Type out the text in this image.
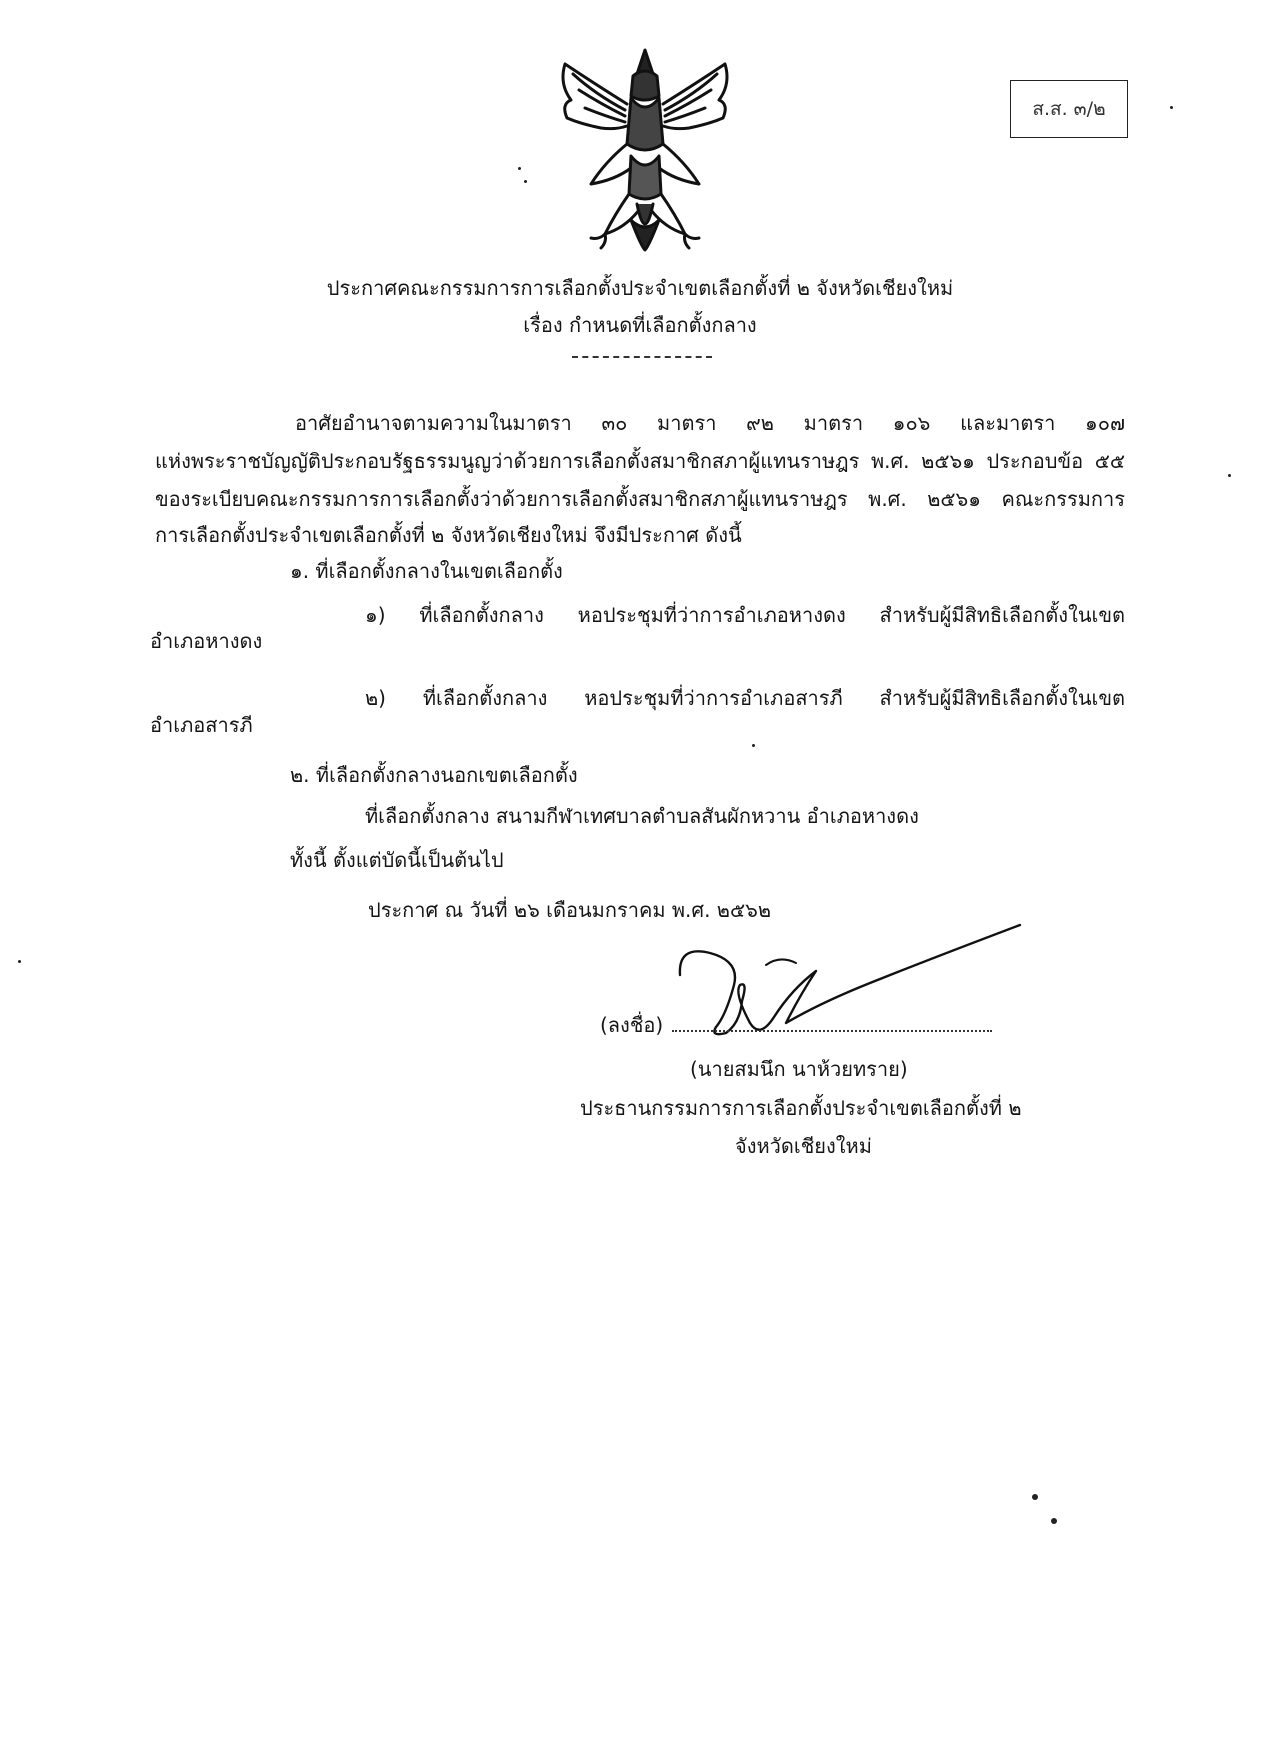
ส.ส. ๓/๒
ประกาศคณะกรรมการการเลือกตั้งประจำเขตเลือกตั้งที่ ๒ จังหวัดเชียงใหม่
เรื่อง กำหนดที่เลือกตั้งกลาง
อาศัยอำนาจตามความในมาตรา ๓๐ มาตรา ๙๒ มาตรา ๑๐๖ และมาตรา ๑๐๗
แห่งพระราชบัญญัติประกอบรัฐธรรมนูญว่าด้วยการเลือกตั้งสมาชิกสภาผู้แทนราษฎร พ.ศ. ๒๕๖๑ ประกอบข้อ ๕๕
ของระเบียบคณะกรรมการการเลือกตั้งว่าด้วยการเลือกตั้งสมาชิกสภาผู้แทนราษฎร พ.ศ. ๒๕๖๑ คณะกรรมการ
การเลือกตั้งประจำเขตเลือกตั้งที่ ๒ จังหวัดเชียงใหม่ จึงมีประกาศ ดังนี้
๑. ที่เลือกตั้งกลางในเขตเลือกตั้ง
๑) ที่เลือกตั้งกลาง หอประชุมที่ว่าการอำเภอหางดง สำหรับผู้มีสิทธิเลือกตั้งในเขต
อำเภอหางดง
๒) ที่เลือกตั้งกลาง หอประชุมที่ว่าการอำเภอสารภี สำหรับผู้มีสิทธิเลือกตั้งในเขต
อำเภอสารภี
๒. ที่เลือกตั้งกลางนอกเขตเลือกตั้ง
ที่เลือกตั้งกลาง สนามกีฬาเทศบาลตำบลสันผักหวาน อำเภอหางดง
ทั้งนี้ ตั้งแต่บัดนี้เป็นต้นไป
ประกาศ ณ วันที่ ๒๖ เดือนมกราคม พ.ศ. ๒๕๖๒
(ลงชื่อ)
(นายสมนึก นาห้วยทราย)
ประธานกรรมการการเลือกตั้งประจำเขตเลือกตั้งที่ ๒
จังหวัดเชียงใหม่
